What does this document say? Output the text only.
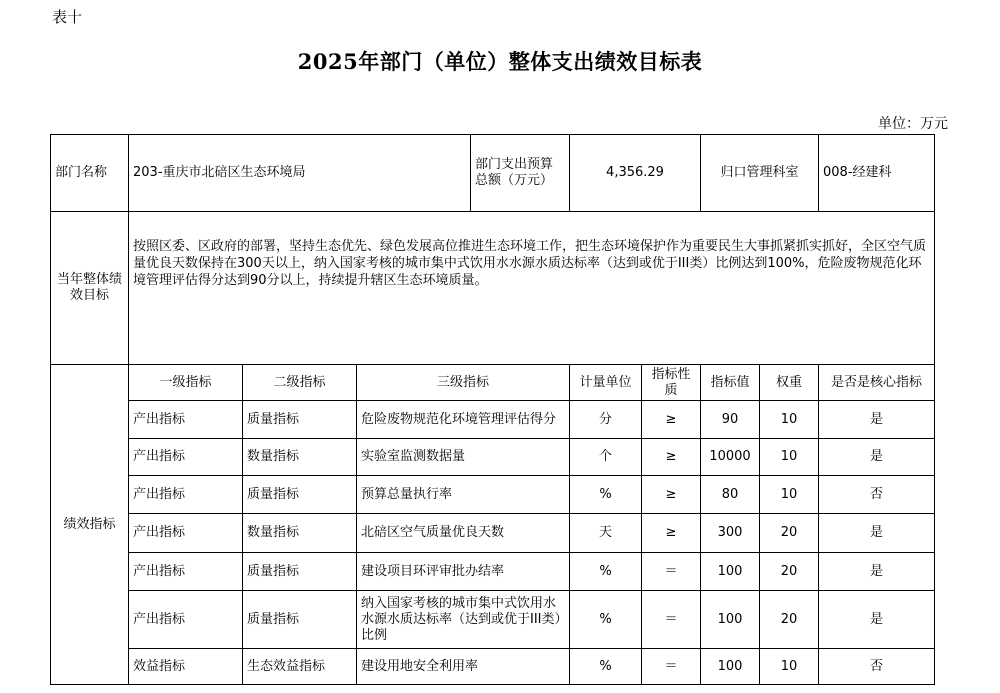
表十
2025年部门（单位）整体支出绩效目标表
单位：万元
部门名称	203-重庆市北碚区生态环境局			部门支出预算总额（万元）	4,356.29		归口管理科室		008-经建科
当年整体绩效目标	按照区委、区政府的部署，坚持生态优先、绿色发展高位推进生态环境工作，把生态环境保护作为重要民生大事抓紧抓实抓好，全区空气质量优良天数保持在300天以上，纳入国家考核的城市集中式饮用水水源水质达标率（达到或优于III类）比例达到100%，危险废物规范化环境管理评估得分达到90分以上，持续提升辖区生态环境质量。								
绩效指标	一级指标	二级指标	三级指标		计量单位	指标性质	指标值	权重	是否是核心指标
	产出指标	质量指标	危险废物规范化环境管理评估得分		分	≥	90	10	是
	产出指标	数量指标	实验室监测数据量		个	≥	10000	10	是
	产出指标	质量指标	预算总量执行率		%	≥	80	10	否
	产出指标	数量指标	北碚区空气质量优良天数		天	≥	300	20	是
	产出指标	质量指标	建设项目环评审批办结率		%	＝	100	20	是
	产出指标	质量指标	纳入国家考核的城市集中式饮用水水源水质达标率（达到或优于III类）比例		%	＝	100	20	是
	效益指标	生态效益指标	建设用地安全利用率		%	＝	100	10	否
